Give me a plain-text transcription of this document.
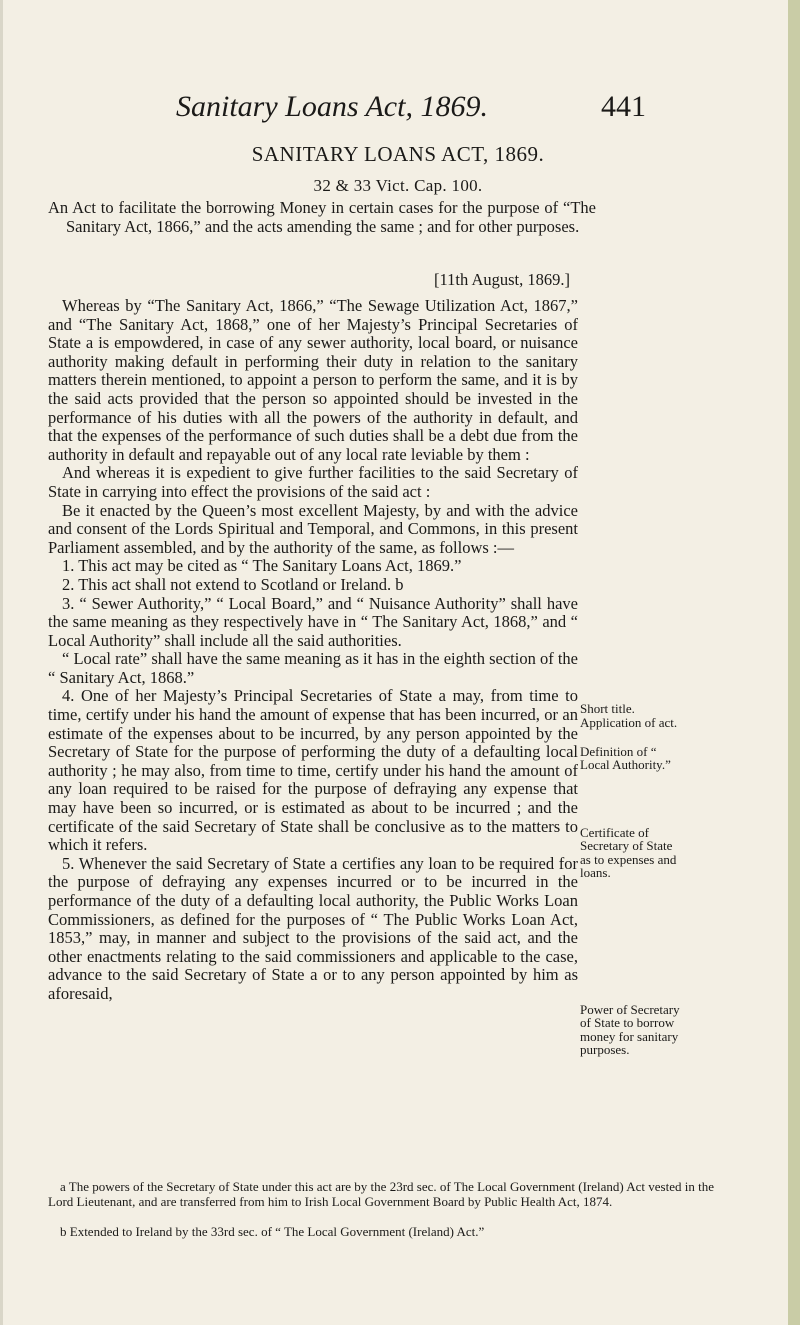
Sanitary Loans Act, 1869.	441
SANITARY LOANS ACT, 1869.
32 & 33 Vict. Cap. 100.
An Act to facilitate the borrowing Money in certain cases for the purpose of “The Sanitary Act, 1866,” and the acts amending the same ; and for other purposes.
[11th August, 1869.]

Whereas by “The Sanitary Act, 1866,” “The Sewage Utilization Act, 1867,” and “The Sanitary Act, 1868,” one of her Majesty’s Principal Secretaries of State a is empowdered, in case of any sewer authority, local board, or nuisance authority making default in performing their duty in relation to the sanitary matters therein mentioned, to appoint a person to perform the same, and it is by the said acts provided that the person so appointed should be invested in the performance of his duties with all the powers of the authority in default, and that the expenses of the performance of such duties shall be a debt due from the authority in default and repayable out of any local rate leviable by them :

And whereas it is expedient to give further facilities to the said Secretary of State in carrying into effect the provisions of the said act :

Be it enacted by the Queen’s most excellent Majesty, by and with the advice and consent of the Lords Spiritual and Temporal, and Commons, in this present Parliament assembled, and by the authority of the same, as follows :—

1. This act may be cited as “ The Sanitary Loans Act, 1869.”

2. This act shall not extend to Scotland or Ireland. b

3. “ Sewer Authority,” “ Local Board,” and “ Nuisance Authority” shall have the same meaning as they respectively have in “ The Sanitary Act, 1868,” and “ Local Authority” shall include all the said authorities.

“ Local rate” shall have the same meaning as it has in the eighth section of the “ Sanitary Act, 1868.”

4. One of her Majesty’s Principal Secretaries of State a may, from time to time, certify under his hand the amount of expense that has been incurred, or an estimate of the expenses about to be incurred, by any person appointed by the Secretary of State for the purpose of performing the duty of a defaulting local authority ; he may also, from time to time, certify under his hand the amount of any loan required to be raised for the purpose of defraying any expense that may have been so incurred, or is estimated as about to be incurred ; and the certificate of the said Secretary of State shall be conclusive as to the matters to which it refers.

5. Whenever the said Secretary of State a certifies any loan to be required for the purpose of defraying any expenses incurred or to be incurred in the performance of the duty of a defaulting local authority, the Public Works Loan Commissioners, as defined for the purposes of “ The Public Works Loan Act, 1853,” may, in manner and subject to the provisions of the said act, and the other enactments relating to the said commissioners and applicable to the case, advance to the said Secretary of State a or to any person appointed by him as aforesaid,

Short title.
Application of act.
Definition of “ Local Authority.”
Certificate of Secretary of State as to expenses and loans.
Power of Secretary of State to borrow money for sanitary purposes.
a The powers of the Secretary of State under this act are by the 23rd sec. of The Local Government (Ireland) Act vested in the Lord Lieutenant, and are transferred from him to Irish Local Government Board by Public Health Act, 1874.
b Extended to Ireland by the 33rd sec. of “ The Local Government (Ireland) Act.”
